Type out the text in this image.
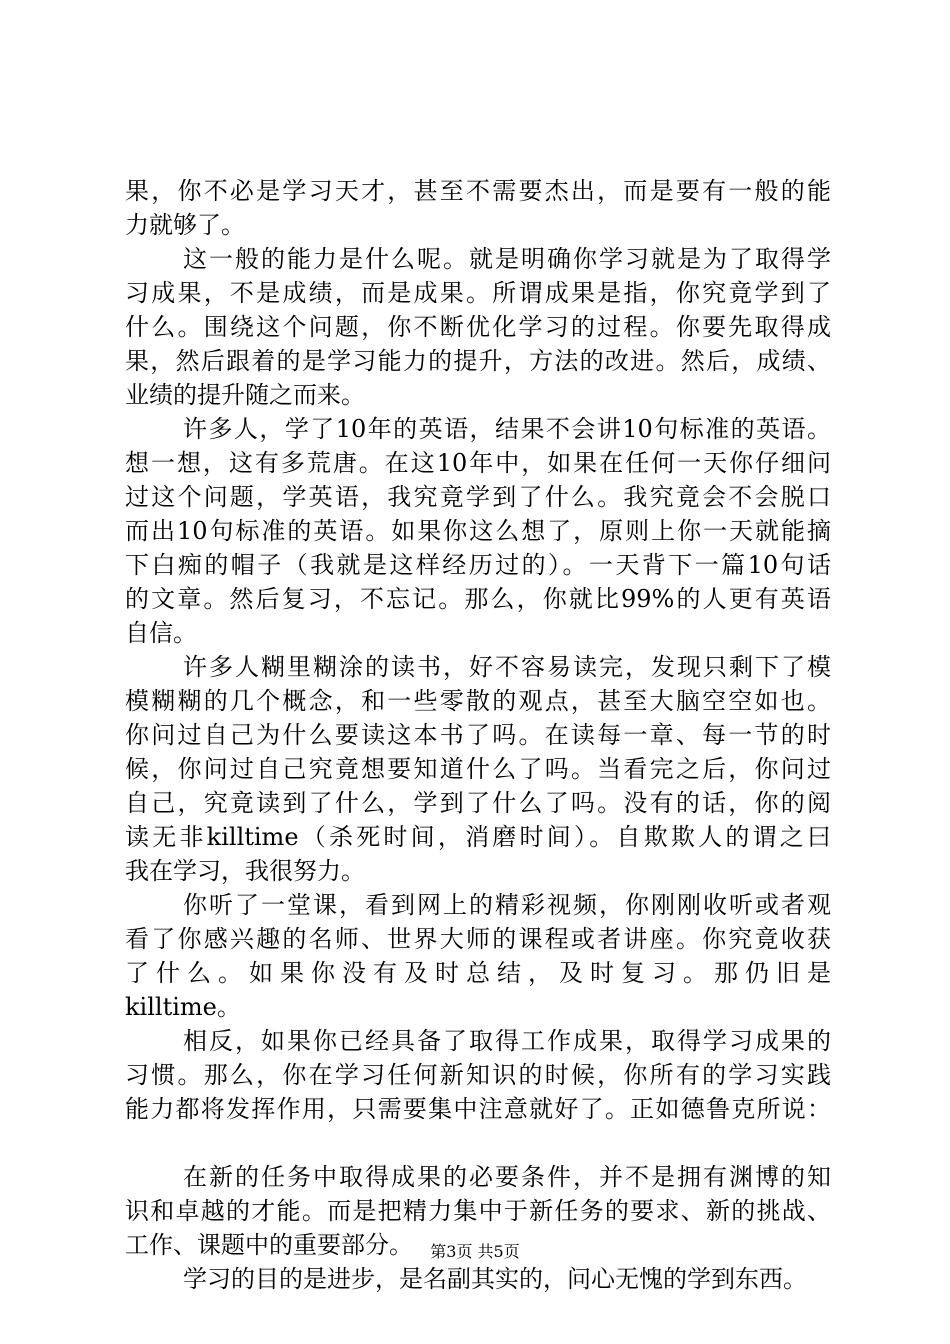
果，你不必是学习天才，甚至不需要杰出，而是要有一般的能
力就够了。
这一般的能力是什么呢。就是明确你学习就是为了取得学
习成果，不是成绩，而是成果。所谓成果是指，你究竟学到了
什么。围绕这个问题，你不断优化学习的过程。你要先取得成
果，然后跟着的是学习能力的提升，方法的改进。然后，成绩、
业绩的提升随之而来。
许多人，学了10年的英语，结果不会讲10句标准的英语。
想一想，这有多荒唐。在这10年中，如果在任何一天你仔细问
过这个问题，学英语，我究竟学到了什么。我究竟会不会脱口
而出10句标准的英语。如果你这么想了，原则上你一天就能摘
下白痴的帽子（我就是这样经历过的）。一天背下一篇10句话
的文章。然后复习，不忘记。那么，你就比99%的人更有英语
自信。
许多人糊里糊涂的读书，好不容易读完，发现只剩下了模
模糊糊的几个概念，和一些零散的观点，甚至大脑空空如也。
你问过自己为什么要读这本书了吗。在读每一章、每一节的时
候，你问过自己究竟想要知道什么了吗。当看完之后，你问过
自己，究竟读到了什么，学到了什么了吗。没有的话，你的阅
读无非killtime（杀死时间，消磨时间）。自欺欺人的谓之曰
我在学习，我很努力。
你听了一堂课，看到网上的精彩视频，你刚刚收听或者观
看了你感兴趣的名师、世界大师的课程或者讲座。你究竟收获
了什么。如果你没有及时总结，及时复习。那仍旧是
killtime。
相反，如果你已经具备了取得工作成果，取得学习成果的
习惯。那么，你在学习任何新知识的时候，你所有的学习实践
能力都将发挥作用，只需要集中注意就好了。正如德鲁克所说：
在新的任务中取得成果的必要条件，并不是拥有渊博的知
识和卓越的才能。而是把精力集中于新任务的要求、新的挑战、
工作、课题中的重要部分。
学习的目的是进步，是名副其实的，问心无愧的学到东西。
第3页 共5页
